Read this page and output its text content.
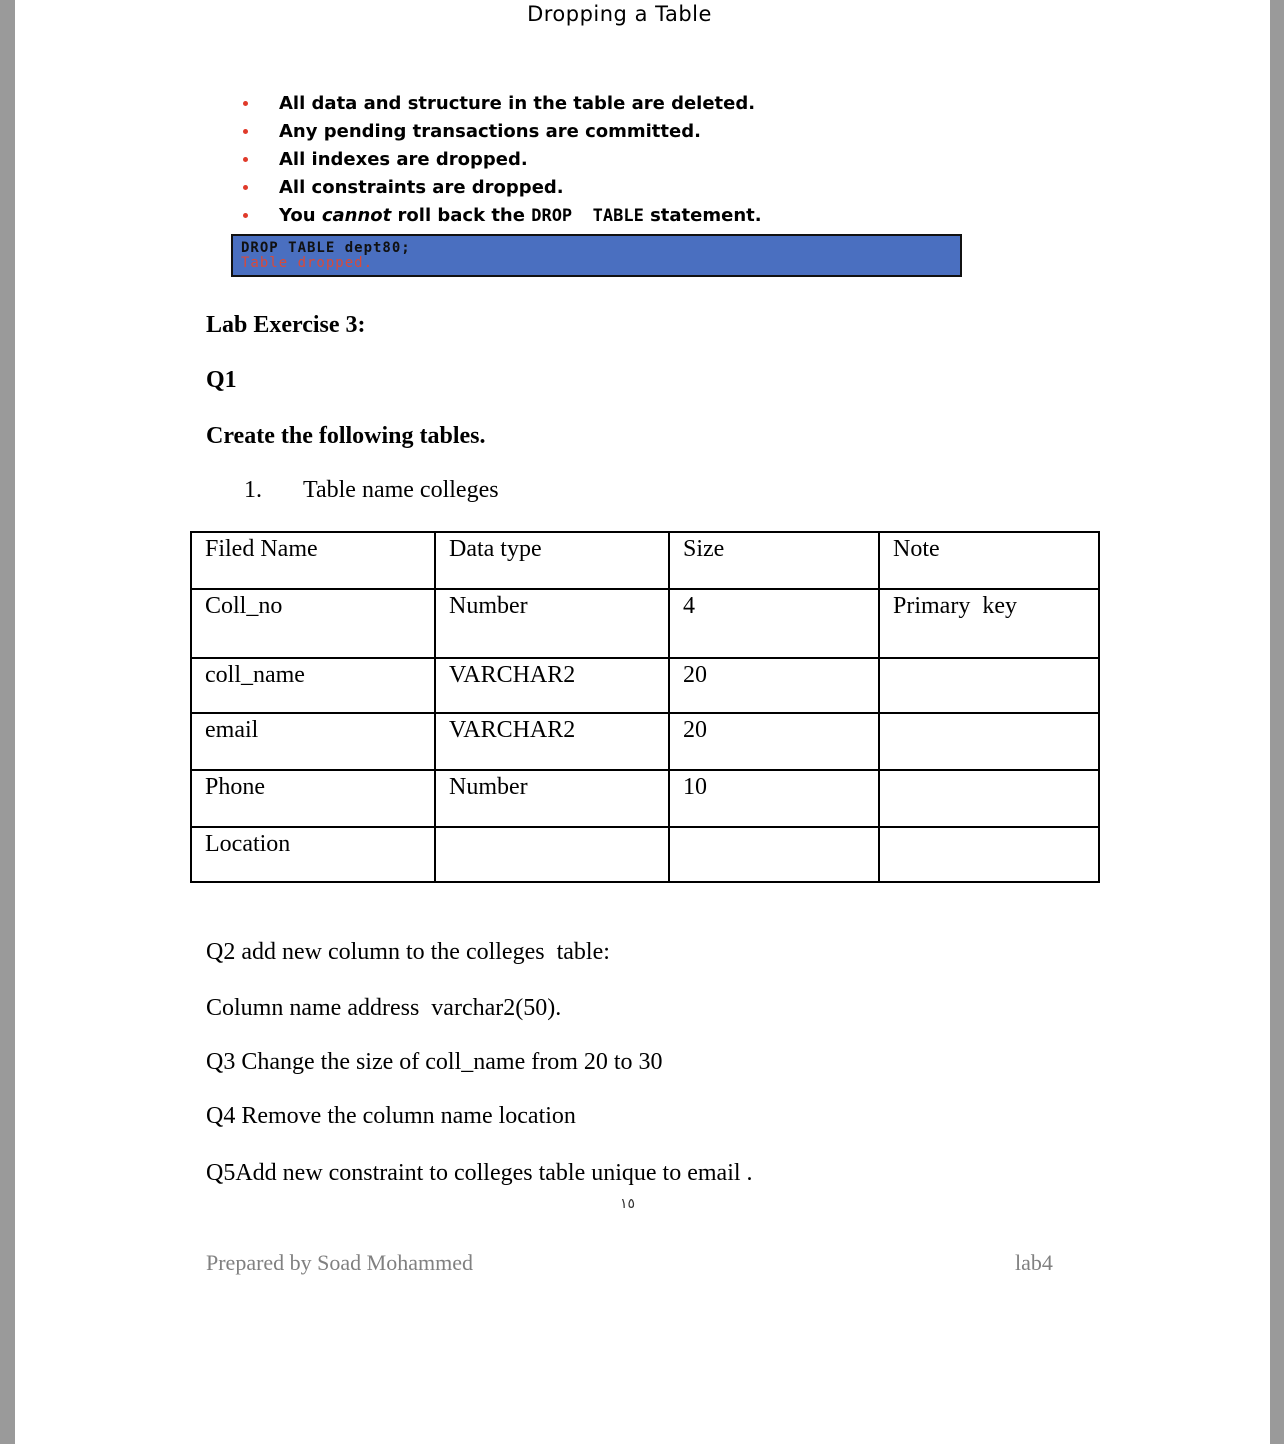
Dropping a Table
All data and structure in the table are deleted.
Any pending transactions are committed.
All indexes are dropped.
All constraints are dropped.
You cannot roll back the DROP  TABLE statement.
DROP TABLE dept80;
Table dropped.
Lab Exercise 3:
Q1
Create the following tables.
1. Table name colleges
Filed Name	Data type	Size	Note
Coll_no	Number	4	Primary  key
coll_name	VARCHAR2	20	
email	VARCHAR2	20	
Phone	Number	10	
Location			
Q2 add new column to the colleges  table:
Column name address  varchar2(50).
Q3 Change the size of coll_name from 20 to 30
Q4 Remove the column name location
Q5Add new constraint to colleges table unique to email .
١٥
Prepared by Soad Mohammed	lab4
